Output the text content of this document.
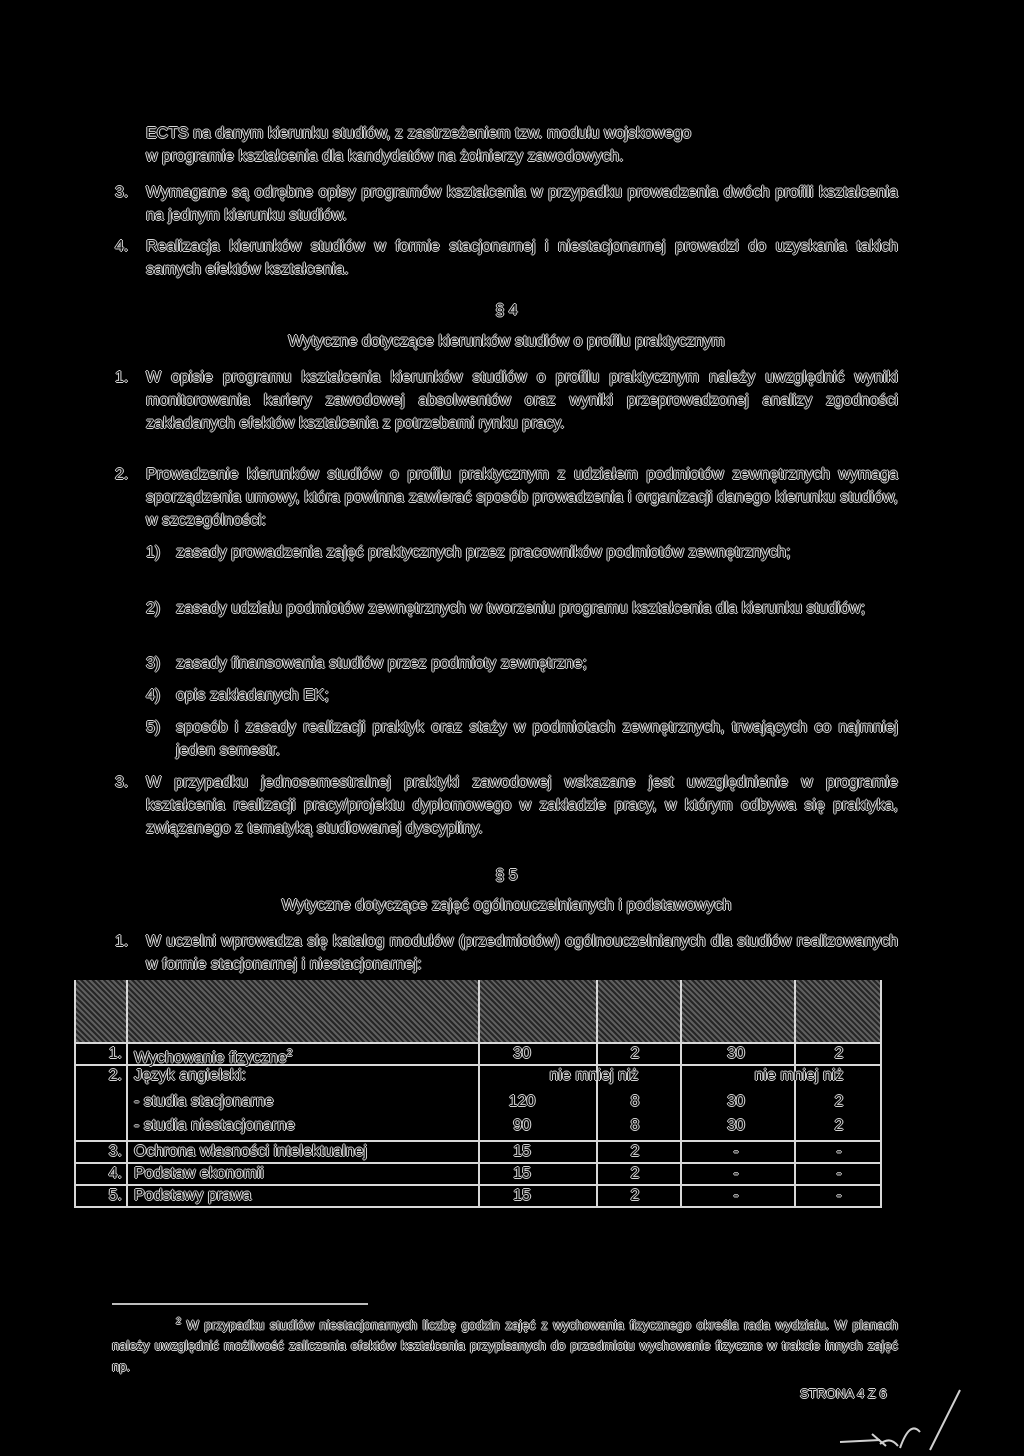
ECTS na danym kierunku studiów, z zastrzeżeniem tzw. modułu wojskowego
w programie kształcenia dla kandydatów na żołnierzy zawodowych.
3. Wymagane są odrębne opisy programów kształcenia w przypadku prowadzenia dwóch profili kształcenia na jednym kierunku studiów.
4. Realizacja kierunków studiów w formie stacjonarnej i niestacjonarnej prowadzi do uzyskania takich samych efektów kształcenia.
§ 4
Wytyczne dotyczące kierunków studiów o profilu praktycznym
1. W opisie programu kształcenia kierunków studiów o profilu praktycznym należy uwzględnić wyniki monitorowania kariery zawodowej absolwentów oraz wyniki przeprowadzonej analizy zgodności zakładanych efektów kształcenia z potrzebami rynku pracy.
2. Prowadzenie kierunków studiów o profilu praktycznym z udziałem podmiotów zewnętrznych wymaga sporządzenia umowy, która powinna zawierać sposób prowadzenia i organizacji danego kierunku studiów, w szczególności:
1) zasady prowadzenia zajęć praktycznych przez pracowników podmiotów zewnętrznych;
2) zasady udziału podmiotów zewnętrznych w tworzeniu programu kształcenia dla kierunku studiów;
3) zasady finansowania studiów przez podmioty zewnętrzne;
4) opis zakładanych EK;
5) sposób i zasady realizacji praktyk oraz staży w podmiotach zewnętrznych, trwających co najmniej jeden semestr.
3. W przypadku jednosemestralnej praktyki zawodowej wskazane jest uwzględnienie w programie kształcenia realizacji pracy/projektu dyplomowego w zakładzie pracy, w którym odbywa się praktyka, związanego z tematyką studiowanej dyscypliny.
§ 5
Wytyczne dotyczące zajęć ogólnouczelnianych i podstawowych
1. W uczelni wprowadza się katalog modułów (przedmiotów) ogólnouczelnianych dla studiów realizowanych w formie stacjonarnej i niestacjonarnej:
1. Wychowanie fizyczne$^2$	30	2	30	2
2. Język angielski:	nie mniej niż	nie mniej niż
- studia stacjonarne	120	8	30	2
- studia niestacjonarne	90	8	30	2
3. Ochrona własności intelektualnej	15	2	-	-
4. Podstaw ekonomii	15	2	-	-
5. Podstawy prawa	15	2	-	-
$^2$ W przypadku studiów niestacjonarnych liczbę godzin zajęć z wychowania fizycznego określa rada wydziału. W planach należy uwzględnić możliwość zaliczenia efektów kształcenia przypisanych do przedmiotu wychowanie fizyczne w trakcie innych zajęć np.
STRONA 4 Z 6
